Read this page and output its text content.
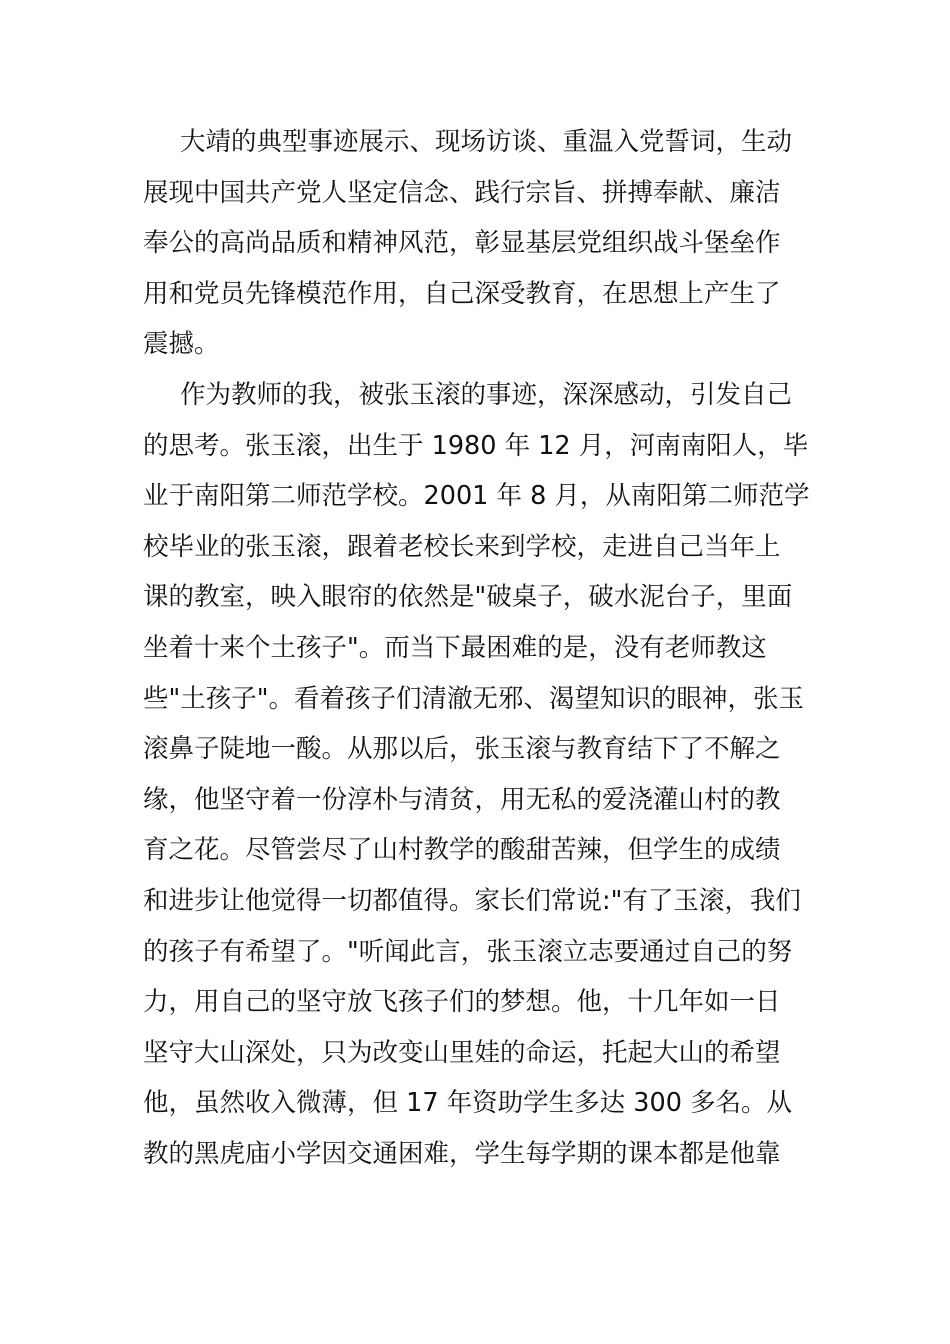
大靖的典型事迹展示、现场访谈、重温入党誓词，生动
展现中国共产党人坚定信念、践行宗旨、拼搏奉献、廉洁
奉公的高尚品质和精神风范，彰显基层党组织战斗堡垒作
用和党员先锋模范作用，自己深受教育，在思想上产生了
震撼。
作为教师的我，被张玉滚的事迹，深深感动，引发自己
的思考。张玉滚，出生于 1980 年 12 月，河南南阳人，毕
业于南阳第二师范学校。2001 年 8 月，从南阳第二师范学
校毕业的张玉滚，跟着老校长来到学校，走进自己当年上
课的教室，映入眼帘的依然是"破桌子，破水泥台子，里面
坐着十来个土孩子"。而当下最困难的是，没有老师教这
些"土孩子"。看着孩子们清澈无邪、渴望知识的眼神，张玉
滚鼻子陡地一酸。从那以后，张玉滚与教育结下了不解之
缘，他坚守着一份淳朴与清贫，用无私的爱浇灌山村的教
育之花。尽管尝尽了山村教学的酸甜苦辣，但学生的成绩
和进步让他觉得一切都值得。家长们常说:"有了玉滚，我们
的孩子有希望了。"听闻此言，张玉滚立志要通过自己的努
力，用自己的坚守放飞孩子们的梦想。他，十几年如一日
坚守大山深处，只为改变山里娃的命运，托起大山的希望
他，虽然收入微薄，但 17 年资助学生多达 300 多名。从
教的黑虎庙小学因交通困难，学生每学期的课本都是他靠
